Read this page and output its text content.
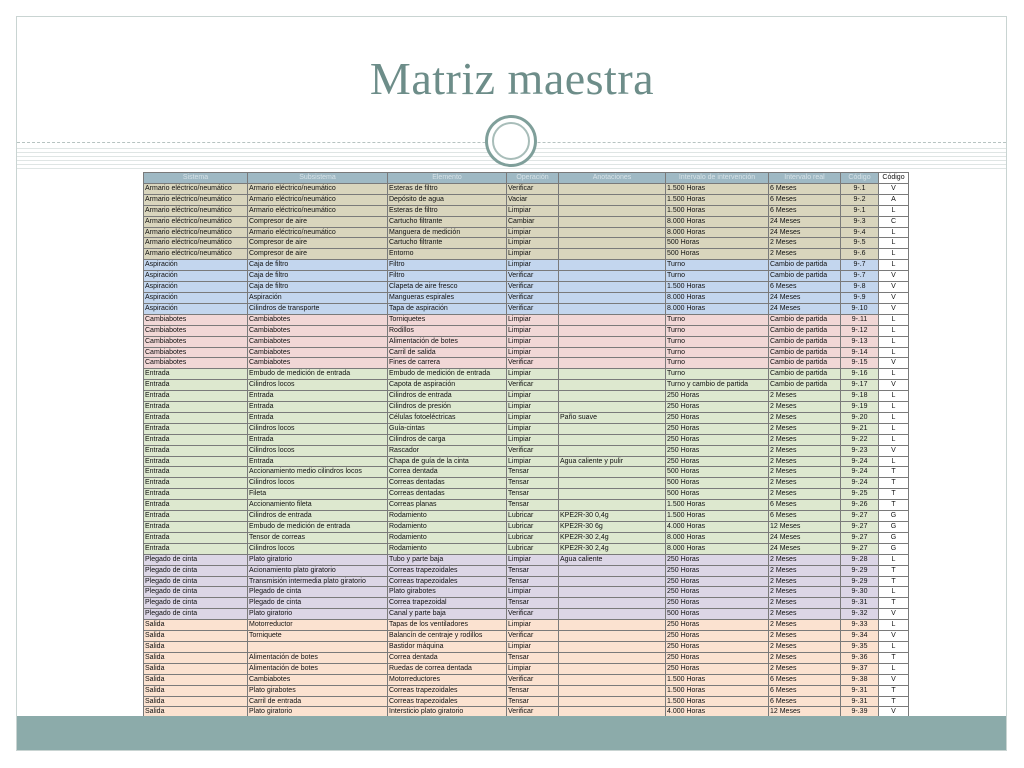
Matriz maestra
Sistema	Subsistema	Elemento	Operación	Anotaciones	Intervalo de intervención	Intervalo real	Código	Código
Armario eléctrico/neumático	Armario eléctrico/neumático	Esteras de filtro	Verificar		1.500 Horas	6 Meses	9-.1	V
Armario eléctrico/neumático	Armario eléctrico/neumático	Depósito de agua	Vaciar		1.500 Horas	6 Meses	9-.2	A
Armario eléctrico/neumático	Armario eléctrico/neumático	Esteras de filtro	Limpiar		1.500 Horas	6 Meses	9-.1	L
Armario eléctrico/neumático	Compresor de aire	Cartucho filtrante	Cambiar		8.000 Horas	24 Meses	9-.3	C
Armario eléctrico/neumático	Armario eléctrico/neumático	Manguera de medición	Limpiar		8.000 Horas	24 Meses	9-.4	L
Armario eléctrico/neumático	Compresor de aire	Cartucho filtrante	Limpiar		500 Horas	2 Meses	9-.5	L
Armario eléctrico/neumático	Compresor de aire	Entorno	Limpiar		500 Horas	2 Meses	9-.6	L
Aspiración	Caja de filtro	Filtro	Limpiar		Turno	Cambio de partida	9-.7	L
Aspiración	Caja de filtro	Filtro	Verificar		Turno	Cambio de partida	9-.7	V
Aspiración	Caja de filtro	Clapeta de aire fresco	Verificar		1.500 Horas	6 Meses	9-.8	V
Aspiración	Aspiración	Mangueras espirales	Verificar		8.000 Horas	24 Meses	9-.9	V
Aspiración	Cilindros de transporte	Tapa de aspiración	Verificar		8.000 Horas	24 Meses	9-.10	V
Cambiabotes	Cambiabotes	Torniquetes	Limpiar		Turno	Cambio de partida	9-.11	L
Cambiabotes	Cambiabotes	Rodillos	Limpiar		Turno	Cambio de partida	9-.12	L
Cambiabotes	Cambiabotes	Alimentación de botes	Limpiar		Turno	Cambio de partida	9-.13	L
Cambiabotes	Cambiabotes	Carril de salida	Limpiar		Turno	Cambio de partida	9-.14	L
Cambiabotes	Cambiabotes	Fines de carrera	Verificar		Turno	Cambio de partida	9-.15	V
Entrada	Embudo de medición de entrada	Embudo de medición de entrada	Limpiar		Turno	Cambio de partida	9-.16	L
Entrada	Cilindros locos	Capota de aspiración	Verificar		Turno y cambio de partida	Cambio de partida	9-.17	V
Entrada	Entrada	Cilindros de entrada	Limpiar		250 Horas	2 Meses	9-.18	L
Entrada	Entrada	Cilindros de presión	Limpiar		250 Horas	2 Meses	9-.19	L
Entrada	Entrada	Células fotoeléctricas	Limpiar	Paño suave	250 Horas	2 Meses	9-.20	L
Entrada	Cilindros locos	Guía-cintas	Limpiar		250 Horas	2 Meses	9-.21	L
Entrada	Entrada	Cilindros de carga	Limpiar		250 Horas	2 Meses	9-.22	L
Entrada	Cilindros locos	Rascador	Verificar		250 Horas	2 Meses	9-.23	V
Entrada	Entrada	Chapa de guía de la cinta	Limpiar	Agua caliente y pulir	250 Horas	2 Meses	9-.24	L
Entrada	Accionamiento medio cilindros locos	Correa dentada	Tensar		500 Horas	2 Meses	9-.24	T
Entrada	Cilindros locos	Correas dentadas	Tensar		500 Horas	2 Meses	9-.24	T
Entrada	Fileta	Correas dentadas	Tensar		500 Horas	2 Meses	9-.25	T
Entrada	Accionamiento fileta	Correas planas	Tensar		1.500 Horas	6 Meses	9-.26	T
Entrada	Cilindros de entrada	Rodamiento	Lubricar	KPE2R-30 0,4g	1.500 Horas	6 Meses	9-.27	G
Entrada	Embudo de medición de entrada	Rodamiento	Lubricar	KPE2R-30 6g	4.000 Horas	12 Meses	9-.27	G
Entrada	Tensor de correas	Rodamiento	Lubricar	KPE2R-30 2,4g	8.000 Horas	24 Meses	9-.27	G
Entrada	Cilindros locos	Rodamiento	Lubricar	KPE2R-30 2,4g	8.000 Horas	24 Meses	9-.27	G
Plegado de cinta	Plato giratorio	Tubo y parte baja	Limpiar	Agua caliente	250 Horas	2 Meses	9-.28	L
Plegado de cinta	Acionamiento plato giratorio	Correas trapezoidales	Tensar		250 Horas	2 Meses	9-.29	T
Plegado de cinta	Transmisión intermedia plato giratorio	Correas trapezoidales	Tensar		250 Horas	2 Meses	9-.29	T
Plegado de cinta	Plegado de cinta	Plato girabotes	Limpiar		250 Horas	2 Meses	9-.30	L
Plegado de cinta	Plegado de cinta	Correa trapezoidal	Tensar		250 Horas	2 Meses	9-.31	T
Plegado de cinta	Plato giratorio	Canal y parte baja	Verificar		500 Horas	2 Meses	9-.32	V
Salida	Motorreductor	Tapas de los ventiladores	Limpiar		250 Horas	2 Meses	9-.33	L
Salida	Torniquete	Balancín de centraje y rodillos	Verificar		250 Horas	2 Meses	9-.34	V
Salida		Bastidor máquina	Limpiar		250 Horas	2 Meses	9-.35	L
Salida	Alimentación de botes	Correa dentada	Tensar		250 Horas	2 Meses	9-.36	T
Salida	Alimentación de botes	Ruedas de correa dentada	Limpiar		250 Horas	2 Meses	9-.37	L
Salida	Cambiabotes	Motorreductores	Verificar		1.500 Horas	6 Meses	9-.38	V
Salida	Plato girabotes	Correas trapezoidales	Tensar		1.500 Horas	6 Meses	9-.31	T
Salida	Carril de entrada	Correas trapezoidales	Tensar		1.500 Horas	6 Meses	9-.31	T
Salida	Plato giratorio	Intersticio plato giratorio	Verificar		4.000 Horas	12 Meses	9-.39	V
